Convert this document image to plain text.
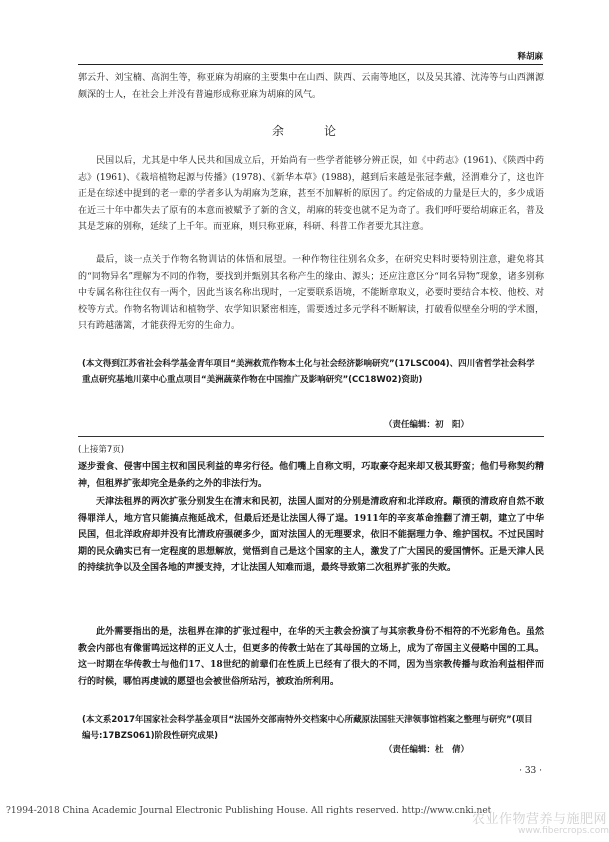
释胡麻

郭云升、刘宝楠、高润生等，称亚麻为胡麻的主要集中在山西、陕西、云南等地区，以及吴其濬、沈涛等与山西渊源颇深的士人，在社会上并没有普遍形成称亚麻为胡麻的风气。

余　论

民国以后，尤其是中华人民共和国成立后，开始尚有一些学者能够分辨正误，如《中药志》(1961)、《陕西中药志》(1961)、《栽培植物起源与传播》(1978)、《新华本草》(1988)，越到后来越是张冠李戴，泾渭难分了，这也许正是在综述中提到的老一辈的学者多认为胡麻为芝麻，甚至不加解析的原因了。约定俗成的力量是巨大的，多少成语在近三十年中都失去了原有的本意而被赋予了新的含义，胡麻的转变也就不足为奇了。我们呼吁要给胡麻正名，普及其是芝麻的别称，延续了上千年。而亚麻，则只称亚麻，科研、科普工作者要尤其注意。

最后，谈一点关于作物名物训诂的体悟和展望。一种作物往往别名众多，在研究史料时要特别注意，避免将其的“同物异名”理解为不同的作物，要找到并甄别其名称产生的缘由、源头；还应注意区分“同名异物”现象，诸多别称中专属名称往往仅有一两个，因此当该名称出现时，一定要联系语境，不能断章取义，必要时要结合本校、他校、对校等方式。作物名物训诂和植物学、农学知识紧密相连，需要透过多元学科不断解读，打破看似壁垒分明的学术圈，只有跨越藩篱，才能获得无穷的生命力。

(本文得到江苏省社会科学基金青年项目“美洲救荒作物本土化与社会经济影响研究”(17LSC004)、四川省哲学社会科学重点研究基地川菜中心重点项目“美洲蔬菜作物在中国推广及影响研究”(CC18W02)资助)

（责任编辑：初　阳）
(上接第7页)

逐步蚕食、侵害中国主权和国民利益的卑劣行径。他们嘴上自称文明，巧取豪夺起来却又极其野蛮；他们号称契约精神，但租界扩张却完全是条约之外的非法行为。

天津法租界的两次扩张分别发生在清末和民初，法国人面对的分别是清政府和北洋政府。颟顸的清政府自然不敢得罪洋人，地方官只能搞点拖延战术，但最后还是让法国人得了逞。1911年的辛亥革命推翻了清王朝，建立了中华民国，但北洋政府却并没有比清政府强硬多少，面对法国人的无理要求，依旧不能据理力争、维护国权。不过民国时期的民众确实已有一定程度的思想解放，觉悟到自己是这个国家的主人，激发了广大国民的爱国情怀。正是天津人民的持续抗争以及全国各地的声援支持，才让法国人知难而退，最终导致第二次租界扩张的失败。

此外需要指出的是，法租界在津的扩张过程中，在华的天主教会扮演了与其宗教身份不相符的不光彩角色。虽然教会内部也有像雷鸣远这样的正义人士，但更多的传教士站在了其母国的立场上，成为了帝国主义侵略中国的工具。这一时期在华传教士与他们17、18世纪的前辈们在性质上已经有了很大的不同，因为当宗教传播与政治利益相伴而行的时候，哪怕再虔诚的愿望也会被世俗所玷污，被政治所利用。

(本文系2017年国家社会科学基金项目“法国外交部南特外交档案中心所藏原法国驻天津领事馆档案之整理与研究”(项目编号:17BZS061)阶段性研究成果)

（责任编辑：杜　倩）
· 33 ·
?1994-2018 China Academic Journal Electronic Publishing House. All rights reserved. http://www.cnki.net
农业作物营养与施肥网
www.fibercrops.com
